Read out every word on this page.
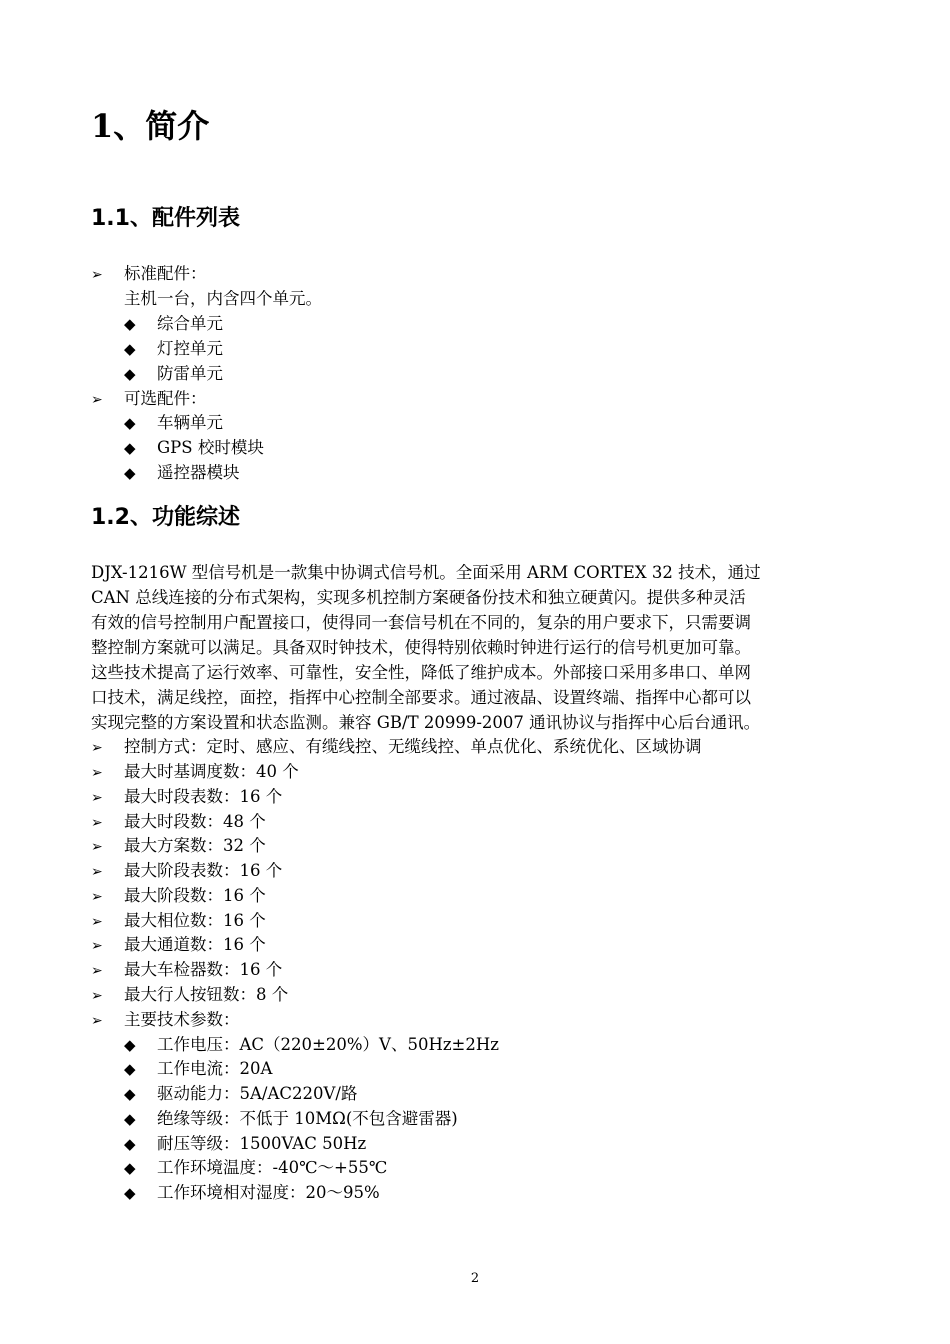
1、简介
1.1、配件列表
➢ 标准配件：
主机一台，内含四个单元。
◆ 综合单元
◆ 灯控单元
◆ 防雷单元
➢ 可选配件：
◆ 车辆单元
◆ GPS 校时模块
◆ 遥控器模块
1.2、功能综述
DJX-1216W 型信号机是一款集中协调式信号机。全面采用 ARM CORTEX 32 技术，通过
CAN 总线连接的分布式架构，实现多机控制方案硬备份技术和独立硬黄闪。提供多种灵活
有效的信号控制用户配置接口，使得同一套信号机在不同的，复杂的用户要求下，只需要调
整控制方案就可以满足。具备双时钟技术，使得特别依赖时钟进行运行的信号机更加可靠。
这些技术提高了运行效率、可靠性，安全性，降低了维护成本。外部接口采用多串口、单网
口技术，满足线控，面控，指挥中心控制全部要求。通过液晶、设置终端、指挥中心都可以
实现完整的方案设置和状态监测。兼容 GB/T 20999-2007 通讯协议与指挥中心后台通讯。
➢ 控制方式：定时、感应、有缆线控、无缆线控、单点优化、系统优化、区域协调
➢ 最大时基调度数：40 个
➢ 最大时段表数：16 个
➢ 最大时段数：48 个
➢ 最大方案数：32 个
➢ 最大阶段表数：16 个
➢ 最大阶段数：16 个
➢ 最大相位数：16 个
➢ 最大通道数：16 个
➢ 最大车检器数：16 个
➢ 最大行人按钮数：8 个
➢ 主要技术参数：
◆ 工作电压：AC（220±20%）V、50Hz±2Hz
◆ 工作电流：20A
◆ 驱动能力：5A/AC220V/路
◆ 绝缘等级：不低于 10MΩ(不包含避雷器)
◆ 耐压等级：1500VAC 50Hz
◆ 工作环境温度：-40℃～+55℃
◆ 工作环境相对湿度：20～95%
2
